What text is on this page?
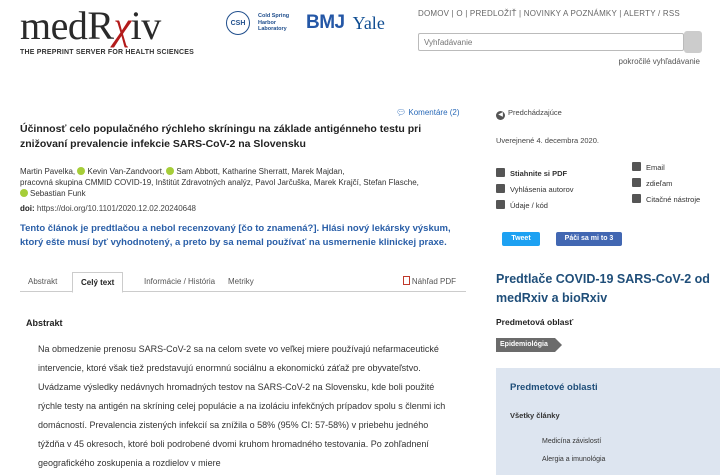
medRχiv
THE PREPRINT SERVER FOR HEALTH SCIENCES
CSH
Cold Spring Harbor Laboratory	BMJ Yale	DOMOV | O | PREDLOŽIŤ | NOVINKY A POZNÁMKY | ALERTY / RSS
Vyhľadávanie
pokročilé vyhľadávanie
💬︎ Komentáre (2)
Účinnosť celo populačného rýchleho skríningu na základe antigénneho testu pri znižovaní prevalencie infekcie SARS-CoV-2 na Slovensku
Martin Pavelka, Kevin Van-Zandvoort, Sam Abbott, Katharine Sherratt, Marek Majdan,
pracovná skupina CMMID COVID-19, Inštitút Zdravotných analýz, Pavol Jarčuška, Marek Krajčí, Stefan Flasche,
Sebastian Funk
doi: https://doi.org/10.1101/2020.12.02.20240648
Tento článok je predtlačou a nebol recenzovaný [čo to znamená?]. Hlási nový lekársky výskum, ktorý ešte musí byť vyhodnotený, a preto by sa nemal používať na usmernenie klinickej praxe.
Abstrakt	Celý text	Informácie / História	Metriky	Náhľad PDF
Abstrakt
Na obmedzenie prenosu SARS-CoV-2 sa na celom svete vo veľkej miere používajú nefarmaceutické intervencie, ktoré však tiež predstavujú enormnú sociálnu a ekonomickú záťaž pre obyvateľstvo. Uvádzame výsledky nedávnych hromadných testov na SARS-CoV-2 na Slovensku, kde boli použité rýchle testy na antigén na skríning celej populácie a na izoláciu infekčných prípadov spolu s členmi ich domácností. Prevalencia zistených infekcií sa znížila o 58% (95% CI: 57-58%) v priebehu jedného týždňa v 45 okresoch, ktoré boli podrobené dvomi kruhom hromadného testovania. Po zohľadnení geografického zoskupenia a rozdielov v miere
◀ Predchádzajúce
Uverejnené 4. decembra 2020.
Stiahnite si PDF
Vyhlásenia autorov
Údaje / kód
Email
zdieľam
Citačné nástroje
Tweet	Páči sa mi to 3
Predtlače COVID-19 SARS-CoV-2 od medRxiv a bioRxiv
Predmetová oblasť
Epidemiológia
Predmetové oblasti
Všetky články
Medicína závislostí
Alergia a imunológia
